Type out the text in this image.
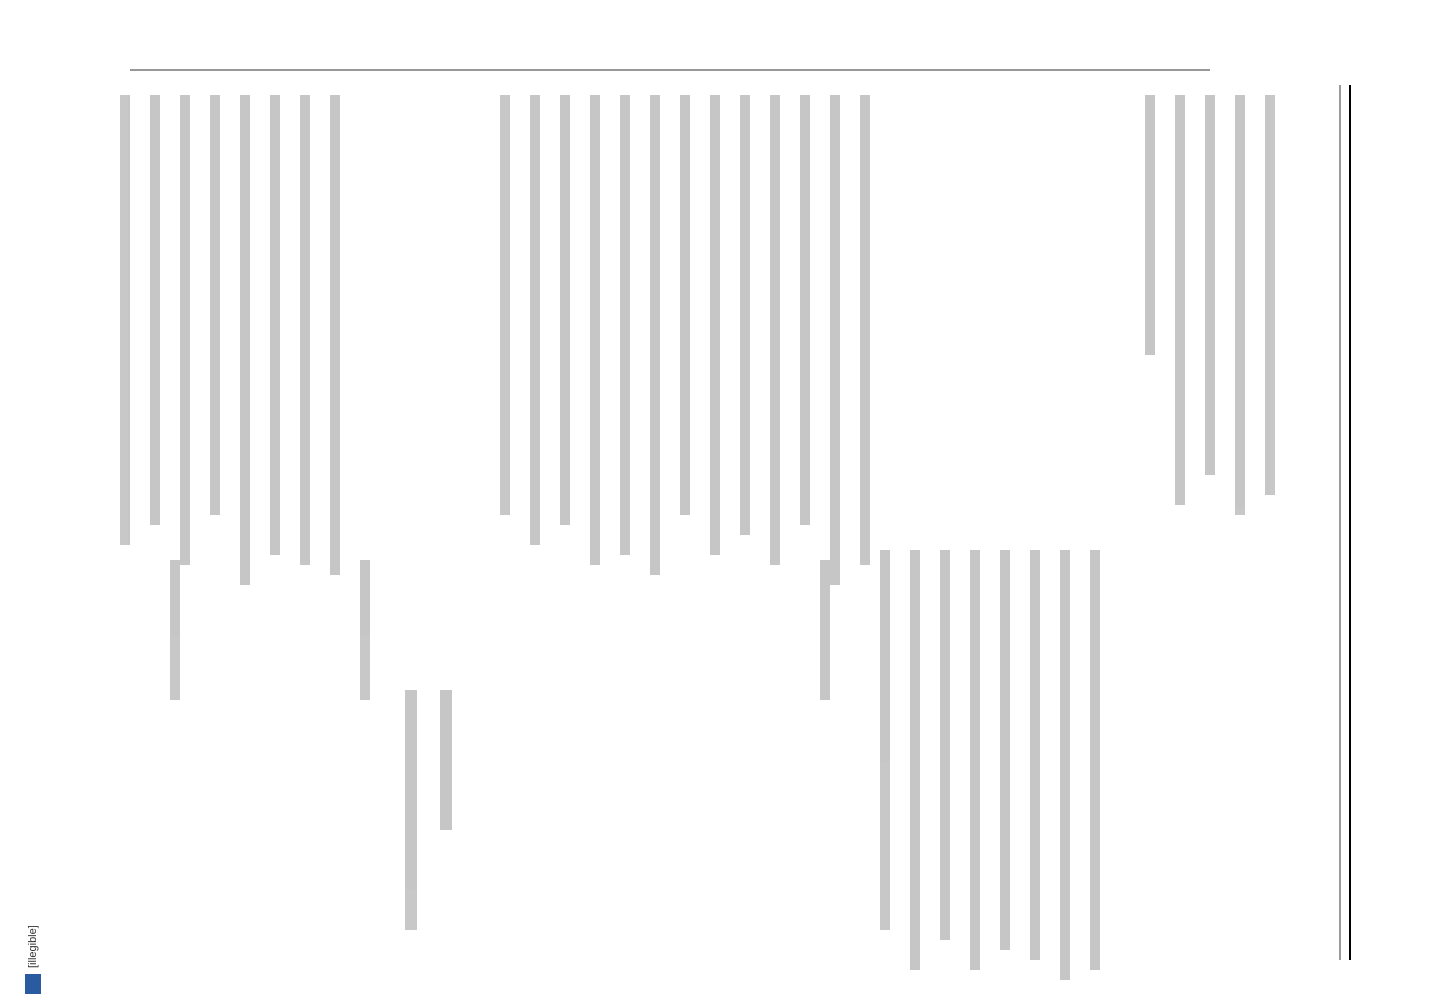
[illegible]
